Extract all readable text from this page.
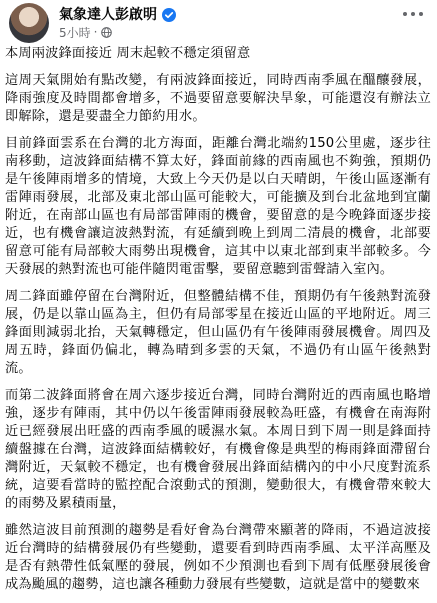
氣象達人彭啟明
5小時 ·

本周兩波鋒面接近 周末起較不穩定須留意

這周天氣開始有點改變，有兩波鋒面接近，同時西南季風在醞釀發展，降雨強度及時間都會增多，不過要留意要解決旱象，可能還沒有辦法立即解除，還是要盡全力節約用水。

目前鋒面雲系在台灣的北方海面，距離台灣北端約150公里處，逐步往南移動，這波鋒面結構不算太好，鋒面前緣的西南風也不夠強，預期仍是午後陣雨增多的情境，大致上今天仍是以白天晴朗，午後山區逐漸有雷陣雨發展，北部及東北部山區可能較大，可能擴及到台北盆地到宜蘭附近，在南部山區也有局部雷陣雨的機會，要留意的是今晚鋒面逐步接近，也有機會讓這波熱對流，有延續到晚上到周二清晨的機會，北部要留意可能有局部較大雨勢出現機會，這其中以東北部到東半部較多。今天發展的熱對流也可能伴隨閃電雷擊，要留意聽到雷聲請入室內。

周二鋒面雖停留在台灣附近，但整體結構不佳，預期仍有午後熱對流發展，仍是以靠山區為主，但仍有局部零星在接近山區的平地附近。周三鋒面則減弱北抬，天氣轉穩定，但山區仍有午後陣雨發展機會。周四及周五時，鋒面仍偏北，轉為晴到多雲的天氣，不過仍有山區午後熱對流。

而第二波鋒面將會在周六逐步接近台灣，同時台灣附近的西南風也略增強，逐步有陣雨，其中仍以午後雷陣雨發展較為旺盛，有機會在南海附近已經發展出旺盛的西南季風的暖濕水氣。本周日到下周一則是鋒面持續盤據在台灣，這波鋒面結構較好，有機會像是典型的梅雨鋒面滯留台灣附近，天氣較不穩定，也有機會發展出鋒面結構內的中小尺度對流系統，這要看當時的監控配合滾動式的預測，變動很大，有機會帶來較大的雨勢及累積雨量，

雖然這波目前預測的趨勢是看好會為台灣帶來顯著的降雨，不過這波接近台灣時的結構發展仍有些變動，還要看到時西南季風、太平洋高壓及是否有熱帶性低氣壓的發展，例如不少預測也看到下周有低壓發展後會成為颱風的趨勢，這也讓各種動力發展有些變數，這就是當中的變數來
